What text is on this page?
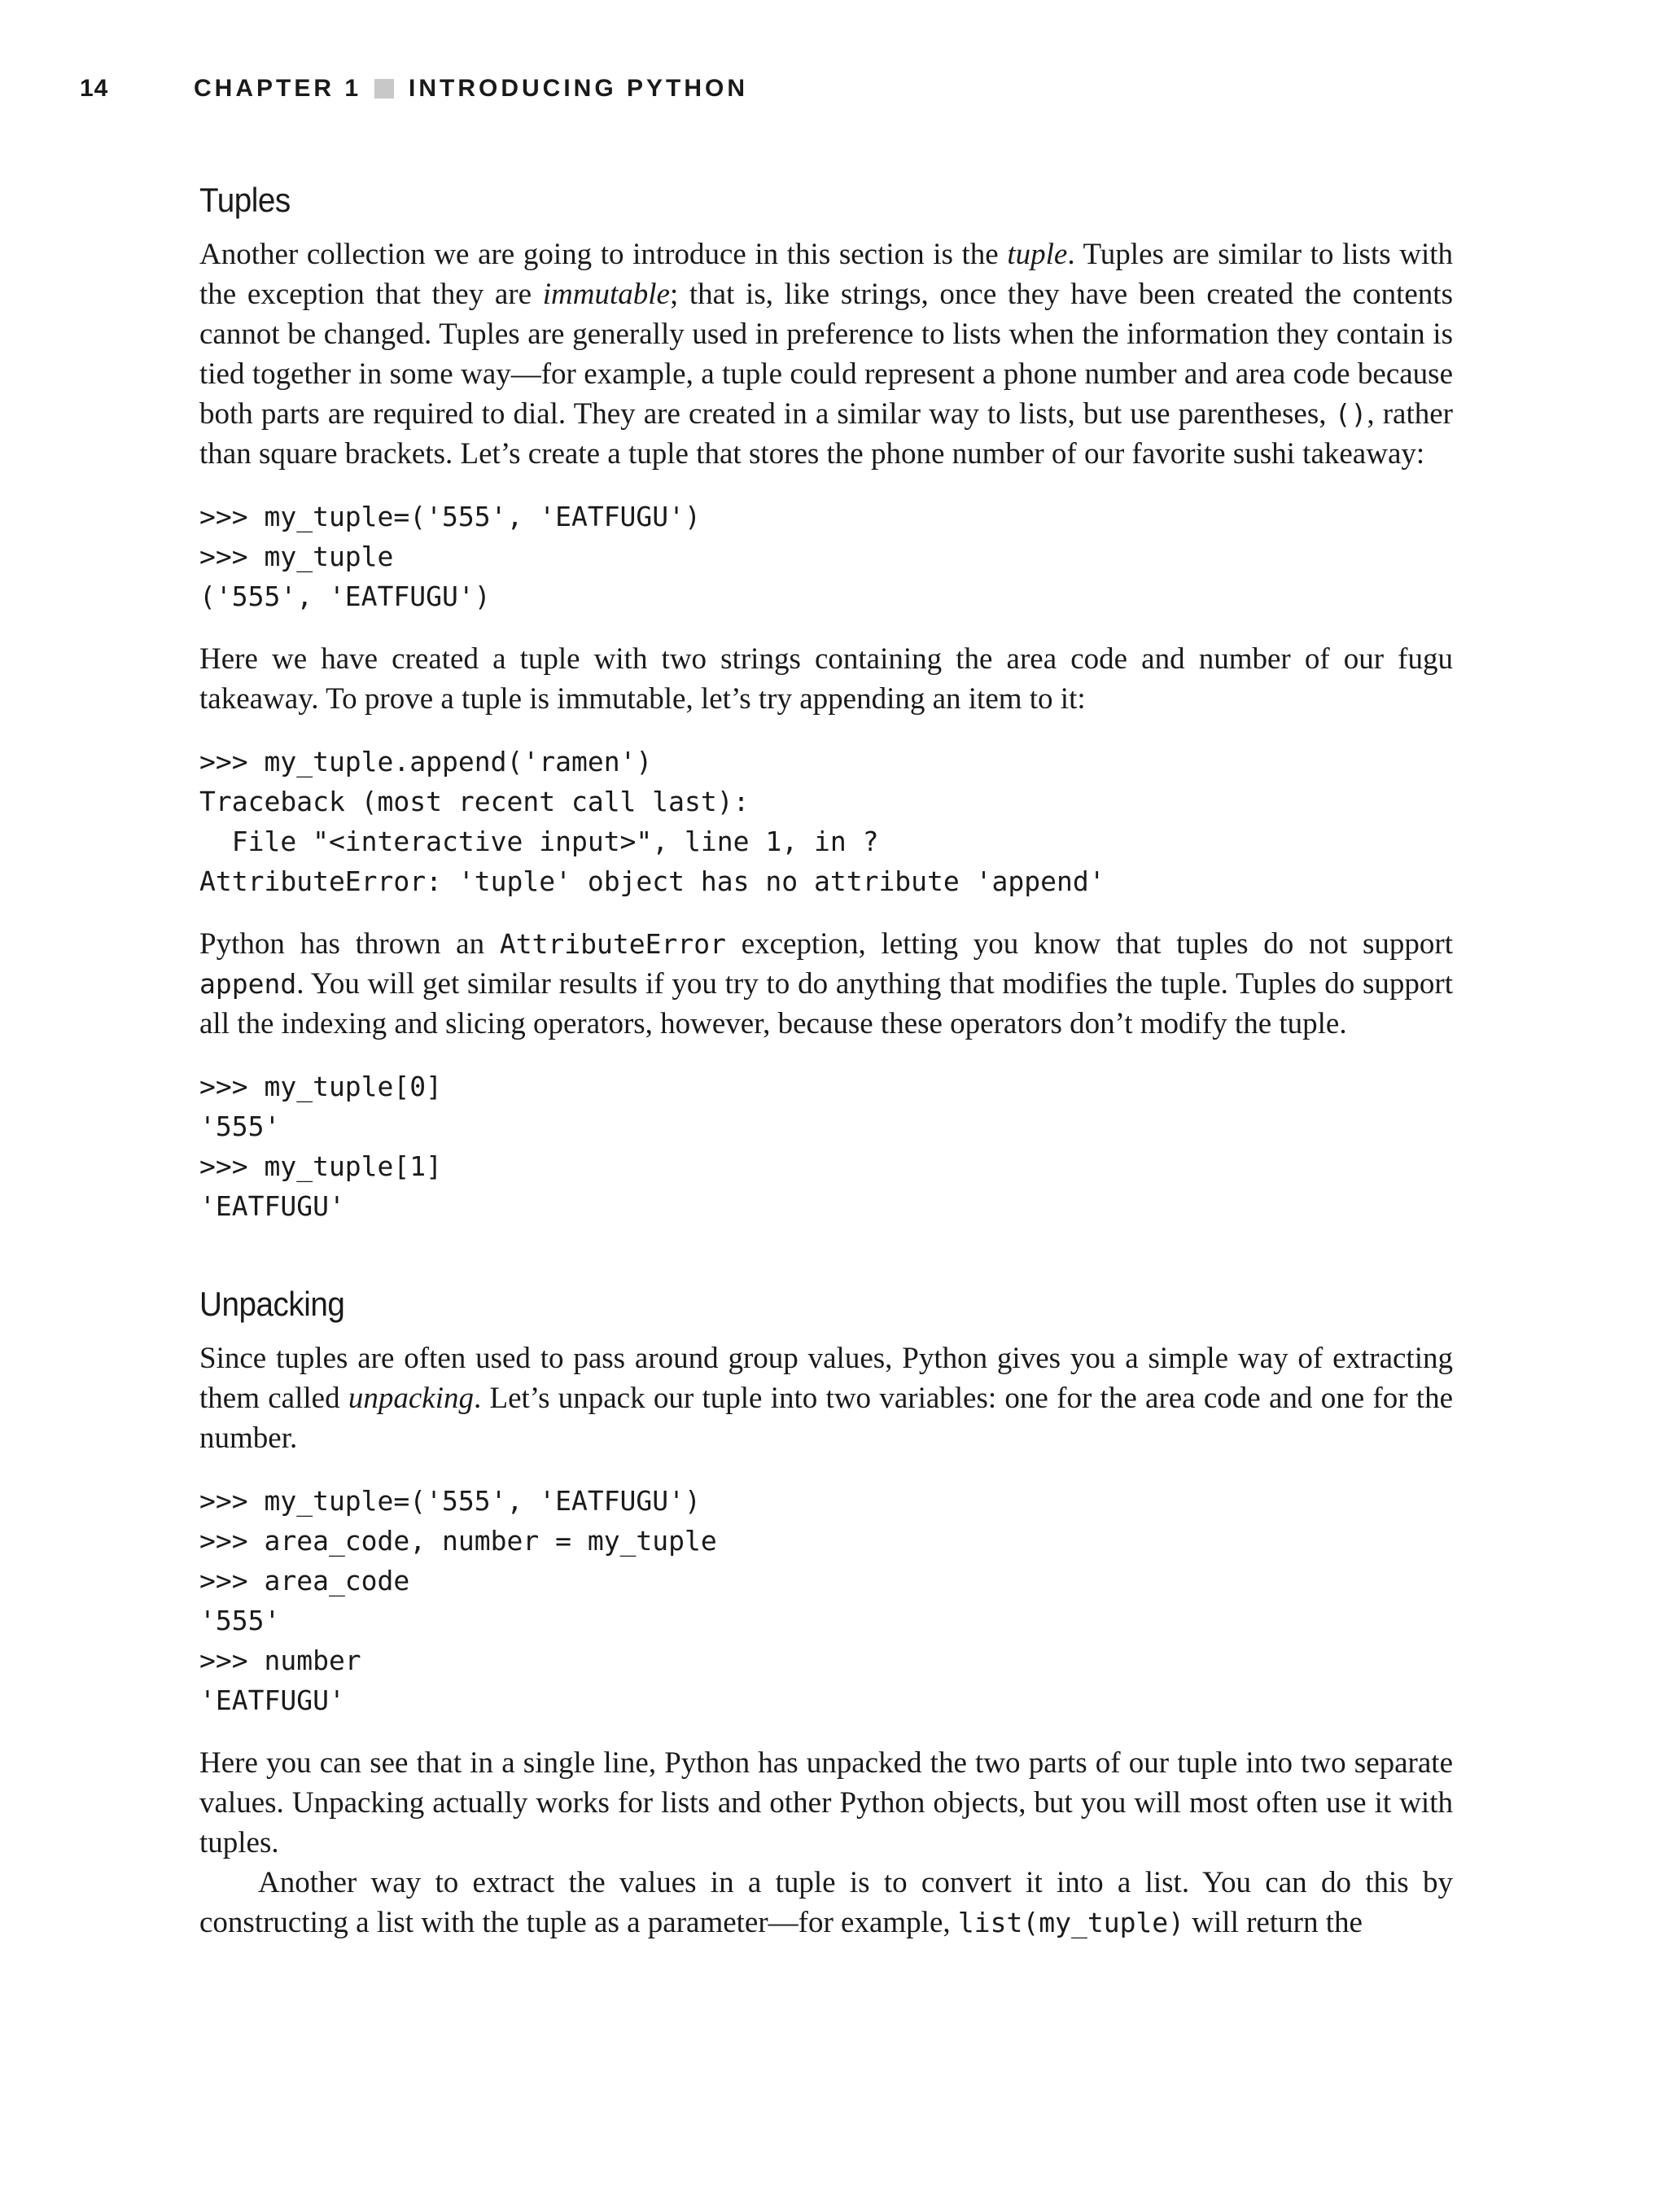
14	CHAPTER 1 INTRODUCING PYTHON
Tuples

Another collection we are going to introduce in this section is the tuple. Tuples are similar to lists with the exception that they are immutable; that is, like strings, once they have been created the contents cannot be changed. Tuples are generally used in preference to lists when the information they contain is tied together in some way—for example, a tuple could represent a phone number and area code because both parts are required to dial. They are created in a similar way to lists, but use parentheses, (), rather than square brackets. Let’s create a tuple that stores the phone number of our favorite sushi takeaway:

>>> my_tuple=('555', 'EATFUGU')
>>> my_tuple
('555', 'EATFUGU')

Here we have created a tuple with two strings containing the area code and number of our fugu takeaway. To prove a tuple is immutable, let’s try appending an item to it:

>>> my_tuple.append('ramen')
Traceback (most recent call last):
File "<interactive input>", line 1, in ?
AttributeError: 'tuple' object has no attribute 'append'

Python has thrown an AttributeError exception, letting you know that tuples do not support append. You will get similar results if you try to do anything that modifies the tuple. Tuples do support all the indexing and slicing operators, however, because these operators don’t modify the tuple.

>>> my_tuple[0]
'555'
>>> my_tuple[1]
'EATFUGU'
Unpacking

Since tuples are often used to pass around group values, Python gives you a simple way of extracting them called unpacking. Let’s unpack our tuple into two variables: one for the area code and one for the number.

>>> my_tuple=('555', 'EATFUGU')
>>> area_code, number = my_tuple
>>> area_code
'555'
>>> number
'EATFUGU'

Here you can see that in a single line, Python has unpacked the two parts of our tuple into two separate values. Unpacking actually works for lists and other Python objects, but you will most often use it with tuples.

Another way to extract the values in a tuple is to convert it into a list. You can do this by constructing a list with the tuple as a parameter—for example, list(my_tuple) will return the
